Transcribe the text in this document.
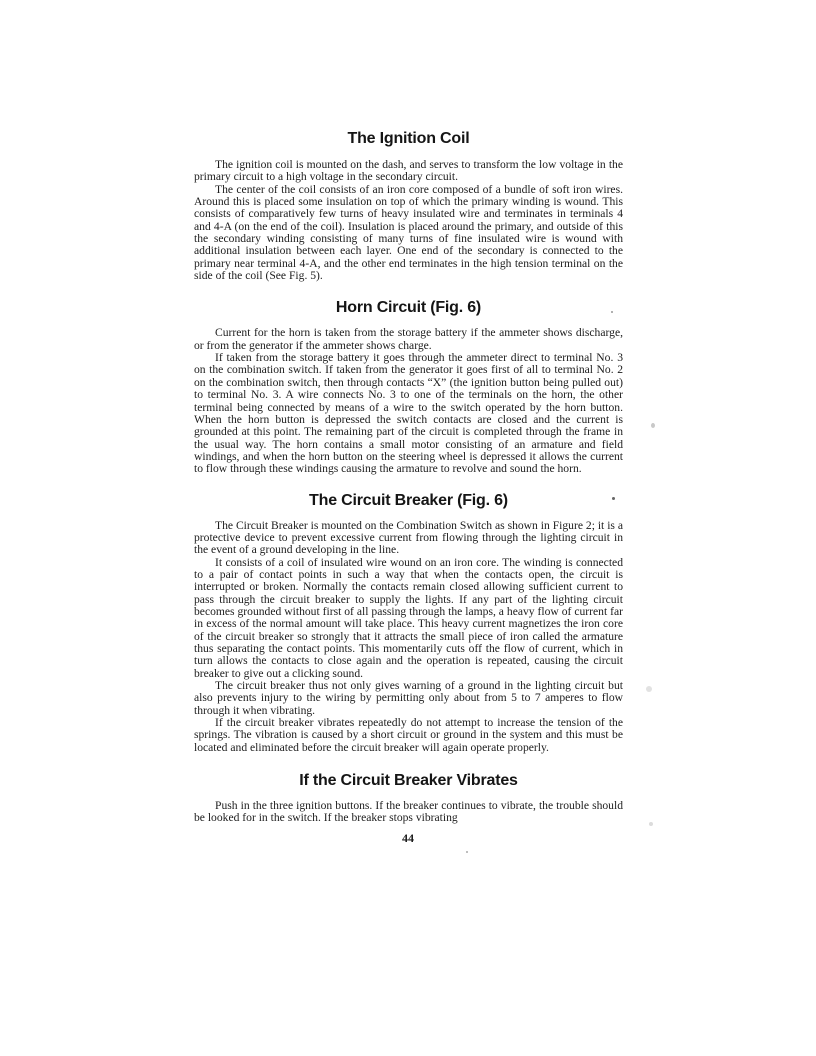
The Ignition Coil

The ignition coil is mounted on the dash, and serves to transform the low voltage in the primary circuit to a high voltage in the secondary circuit.

The center of the coil consists of an iron core composed of a bundle of soft iron wires. Around this is placed some insulation on top of which the primary winding is wound. This consists of comparatively few turns of heavy insulated wire and terminates in terminals 4 and 4-A (on the end of the coil). Insulation is placed around the primary, and outside of this the secondary winding consisting of many turns of fine insulated wire is wound with additional insulation between each layer. One end of the secondary is connected to the primary near terminal 4-A, and the other end terminates in the high tension terminal on the side of the coil (See Fig. 5).

Horn Circuit (Fig. 6)

Current for the horn is taken from the storage battery if the ammeter shows discharge, or from the generator if the ammeter shows charge.

If taken from the storage battery it goes through the ammeter direct to terminal No. 3 on the combination switch. If taken from the generator it goes first of all to terminal No. 2 on the combination switch, then through contacts “X” (the ignition button being pulled out) to terminal No. 3. A wire connects No. 3 to one of the terminals on the horn, the other terminal being connected by means of a wire to the switch operated by the horn button. When the horn button is depressed the switch contacts are closed and the current is grounded at this point. The remaining part of the circuit is completed through the frame in the usual way. The horn contains a small motor consisting of an armature and field windings, and when the horn button on the steering wheel is depressed it allows the current to flow through these windings causing the armature to revolve and sound the horn.

The Circuit Breaker (Fig. 6)

The Circuit Breaker is mounted on the Combination Switch as shown in Figure 2; it is a protective device to prevent excessive current from flowing through the lighting circuit in the event of a ground developing in the line.

It consists of a coil of insulated wire wound on an iron core. The winding is connected to a pair of contact points in such a way that when the contacts open, the circuit is interrupted or broken. Normally the contacts remain closed allowing sufficient current to pass through the circuit breaker to supply the lights. If any part of the lighting circuit becomes grounded without first of all passing through the lamps, a heavy flow of current far in excess of the normal amount will take place. This heavy current magnetizes the iron core of the circuit breaker so strongly that it attracts the small piece of iron called the armature thus separating the contact points. This momentarily cuts off the flow of current, which in turn allows the contacts to close again and the operation is repeated, causing the circuit breaker to give out a clicking sound.

The circuit breaker thus not only gives warning of a ground in the lighting circuit but also prevents injury to the wiring by permitting only about from 5 to 7 amperes to flow through it when vibrating.

If the circuit breaker vibrates repeatedly do not attempt to increase the tension of the springs. The vibration is caused by a short circuit or ground in the system and this must be located and eliminated before the circuit breaker will again operate properly.

If the Circuit Breaker Vibrates

Push in the three ignition buttons. If the breaker continues to vibrate, the trouble should be looked for in the switch. If the breaker stops vibrating

44
